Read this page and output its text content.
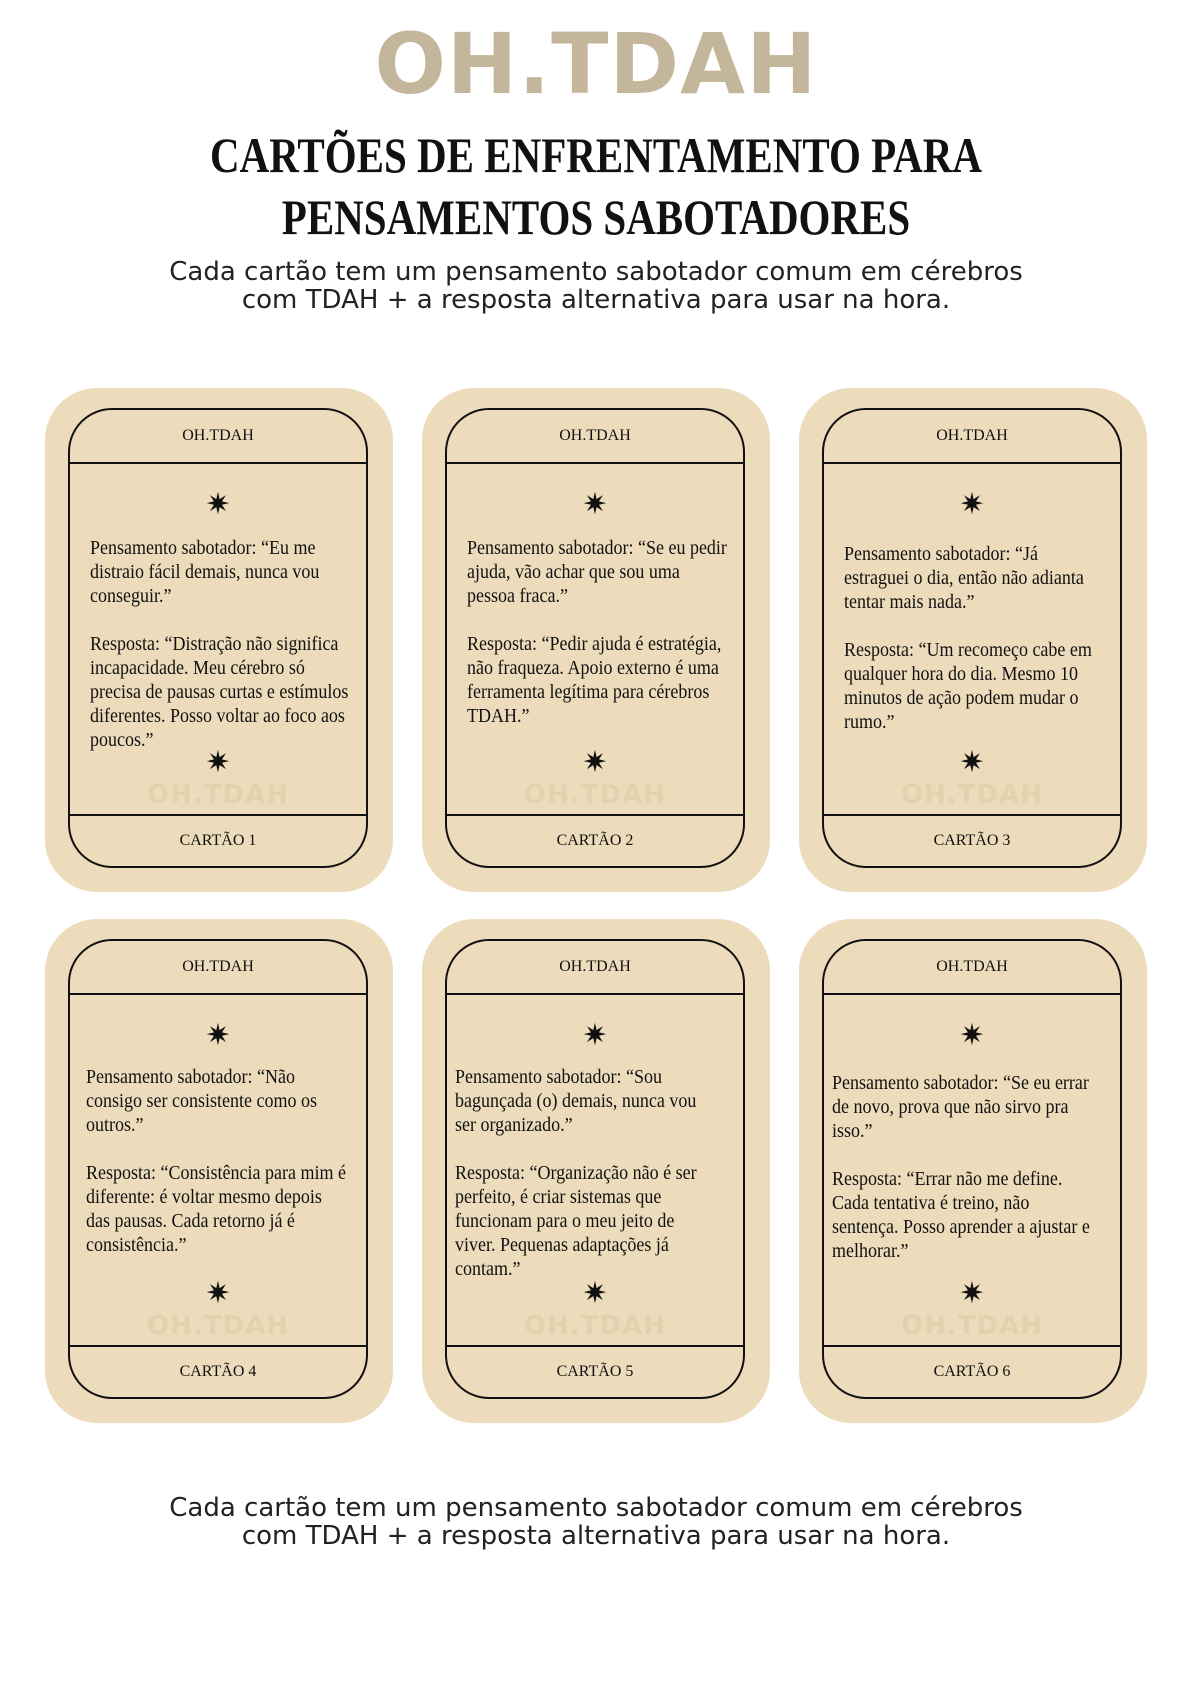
OH.TDAH
CARTÕES DE ENFRENTAMENTO PARA
PENSAMENTOS SABOTADORES
Cada cartão tem um pensamento sabotador comum em cérebros
com TDAH + a resposta alternativa para usar na hora.
OH.TDAH
✷

Pensamento sabotador: “Eu me distraio fácil demais, nunca vou conseguir.”

Resposta: “Distração não significa incapacidade. Meu cérebro só precisa de pausas curtas e estímulos diferentes. Posso voltar ao foco aos poucos.”

✷
OH.TDAH
CARTÃO 1
OH.TDAH
✷

Pensamento sabotador: “Se eu pedir ajuda, vão achar que sou uma pessoa fraca.”

Resposta: “Pedir ajuda é estratégia, não fraqueza. Apoio externo é uma ferramenta legítima para cérebros TDAH.”

✷
OH.TDAH
CARTÃO 2
OH.TDAH
✷

Pensamento sabotador: “Já estraguei o dia, então não adianta tentar mais nada.”

Resposta: “Um recomeço cabe em qualquer hora do dia. Mesmo 10 minutos de ação podem mudar o rumo.”

✷
OH.TDAH
CARTÃO 3
OH.TDAH
✷

Pensamento sabotador: “Não consigo ser consistente como os outros.”

Resposta: “Consistência para mim é diferente: é voltar mesmo depois das pausas. Cada retorno já é consistência.”

✷
OH.TDAH
CARTÃO 4
OH.TDAH
✷

Pensamento sabotador: “Sou bagunçada (o) demais, nunca vou ser organizado.”

Resposta: “Organização não é ser perfeito, é criar sistemas que funcionam para o meu jeito de viver. Pequenas adaptações já contam.”

✷
OH.TDAH
CARTÃO 5
OH.TDAH
✷

Pensamento sabotador: “Se eu errar de novo, prova que não sirvo pra isso.”

Resposta: “Errar não me define. Cada tentativa é treino, não sentença. Posso aprender a ajustar e melhorar.”

✷
OH.TDAH
CARTÃO 6
Cada cartão tem um pensamento sabotador comum em cérebros
com TDAH + a resposta alternativa para usar na hora.
